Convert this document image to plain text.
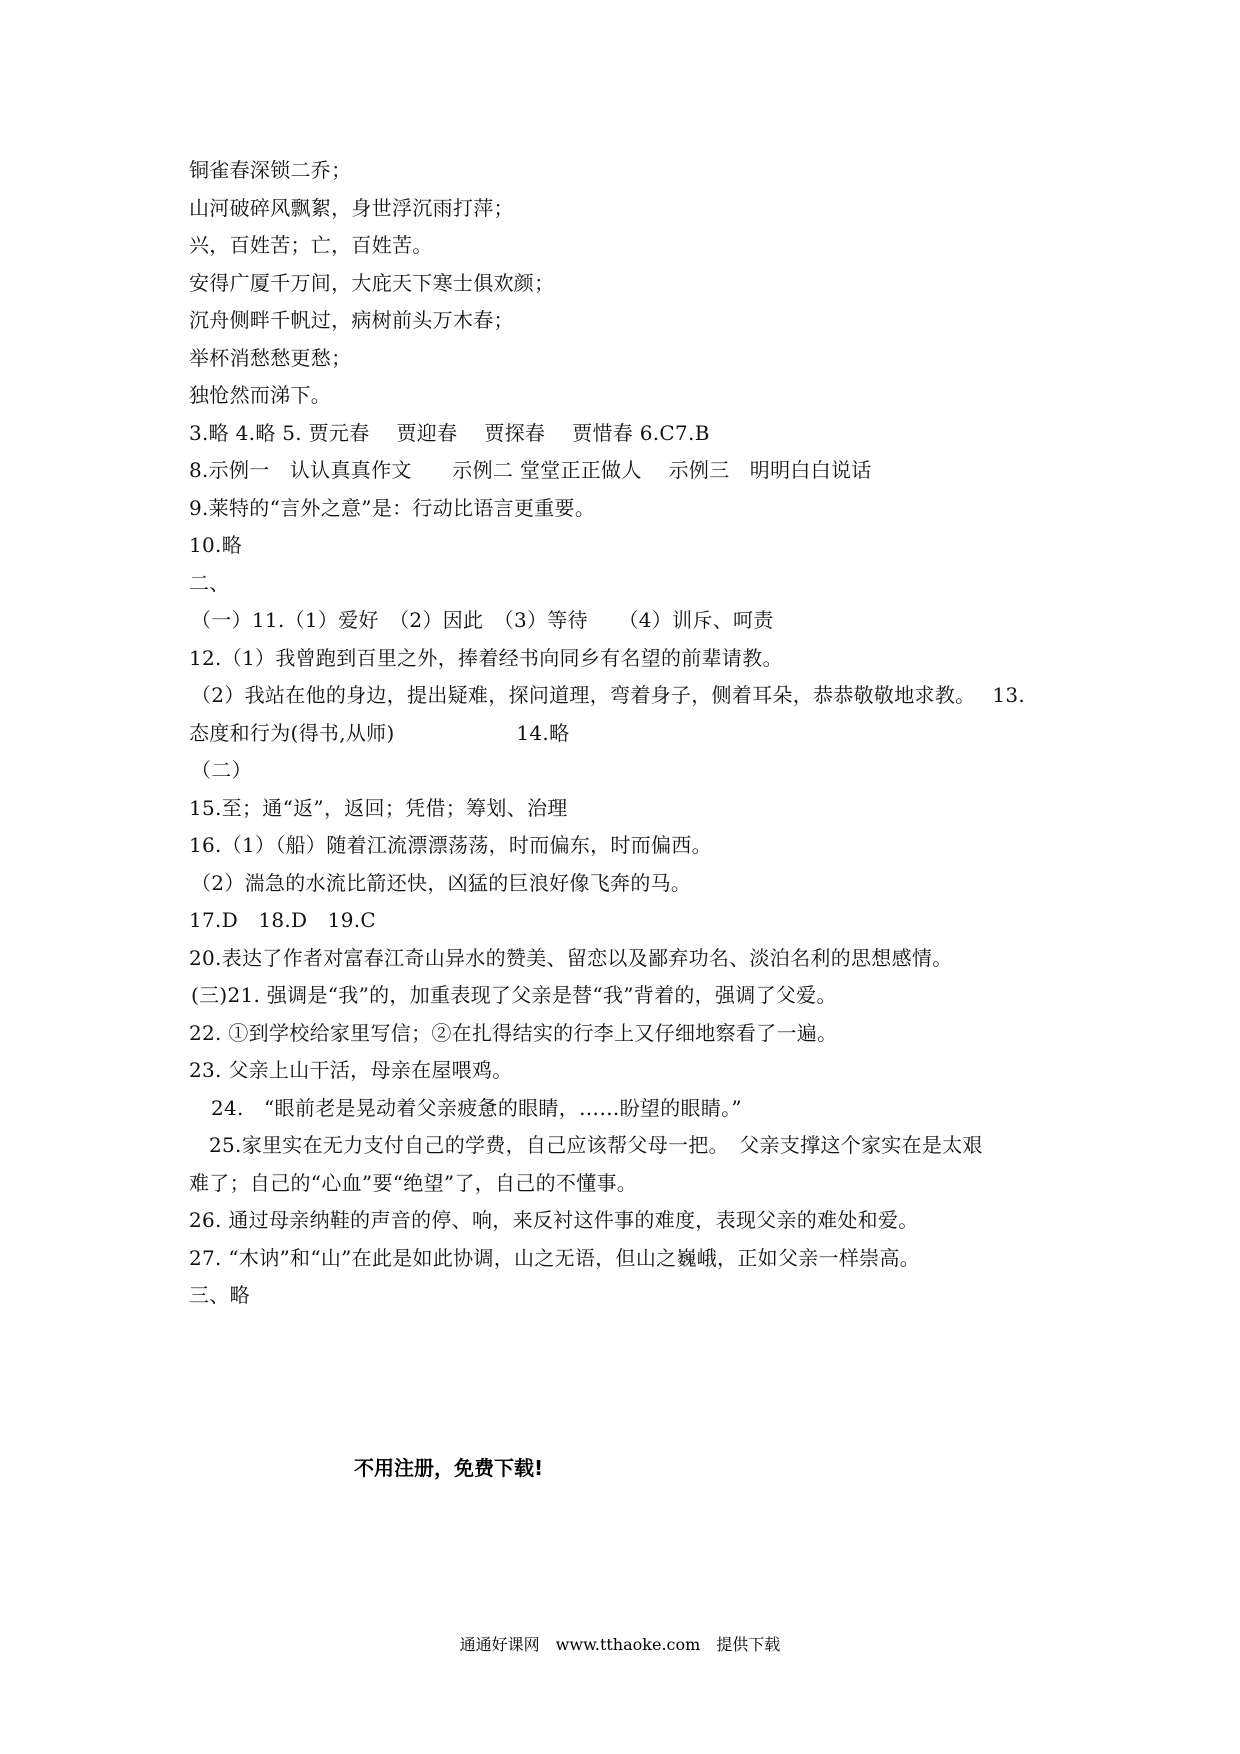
铜雀春深锁二乔；
山河破碎风飘絮，身世浮沉雨打萍；
兴，百姓苦；亡，百姓苦。
安得广厦千万间，大庇天下寒士俱欢颜；
沉舟侧畔千帆过，病树前头万木春；
举杯消愁愁更愁；
独怆然而涕下。
3.略 4.略 5. 贾元春　 贾迎春　 贾探春　 贾惜春 6.C7.B
8.示例一　认认真真作文　　示例二 堂堂正正做人　 示例三　明明白白说话
9.莱特的“言外之意”是：行动比语言更重要。
10.略
二、
（一）11.（1）爱好　（2）因此　（3）等待　　（4）训斥、呵责
12.（1）我曾跑到百里之外，捧着经书向同乡有名望的前辈请教。
（2）我站在他的身边，提出疑难，探问道理，弯着身子，侧着耳朵，恭恭敬敬地求教。　 13.
态度和行为(得书,从师)　　　　　　14.略
（二）
15.至；通“返”，返回；凭借；筹划、治理
16.（1）（船）随着江流漂漂荡荡，时而偏东，时而偏西。
（2）湍急的水流比箭还快，凶猛的巨浪好像飞奔的马。
17.D　18.D　19.C
20.表达了作者对富春江奇山异水的赞美、留恋以及鄙弃功名、淡泊名利的思想感情。
(三)21. 强调是“我”的，加重表现了父亲是替“我”背着的，强调了父爱。
22. ①到学校给家里写信；②在扎得结实的行李上又仔细地察看了一遍。
23. 父亲上山干活，母亲在屋喂鸡。
24.　“眼前老是晃动着父亲疲惫的眼睛，……盼望的眼睛。”
25.家里实在无力支付自己的学费，自己应该帮父母一把。　父亲支撑这个家实在是太艰
难了；自己的“心血”要“绝望”了，自己的不懂事。
26. 通过母亲纳鞋的声音的停、响，来反衬这件事的难度，表现父亲的难处和爱。
27. “木讷”和“山”在此是如此协调，山之无语，但山之巍峨，正如父亲一样崇高。
三、略
不用注册，免费下载!
通通好课网　www.tthaoke.com　提供下载
